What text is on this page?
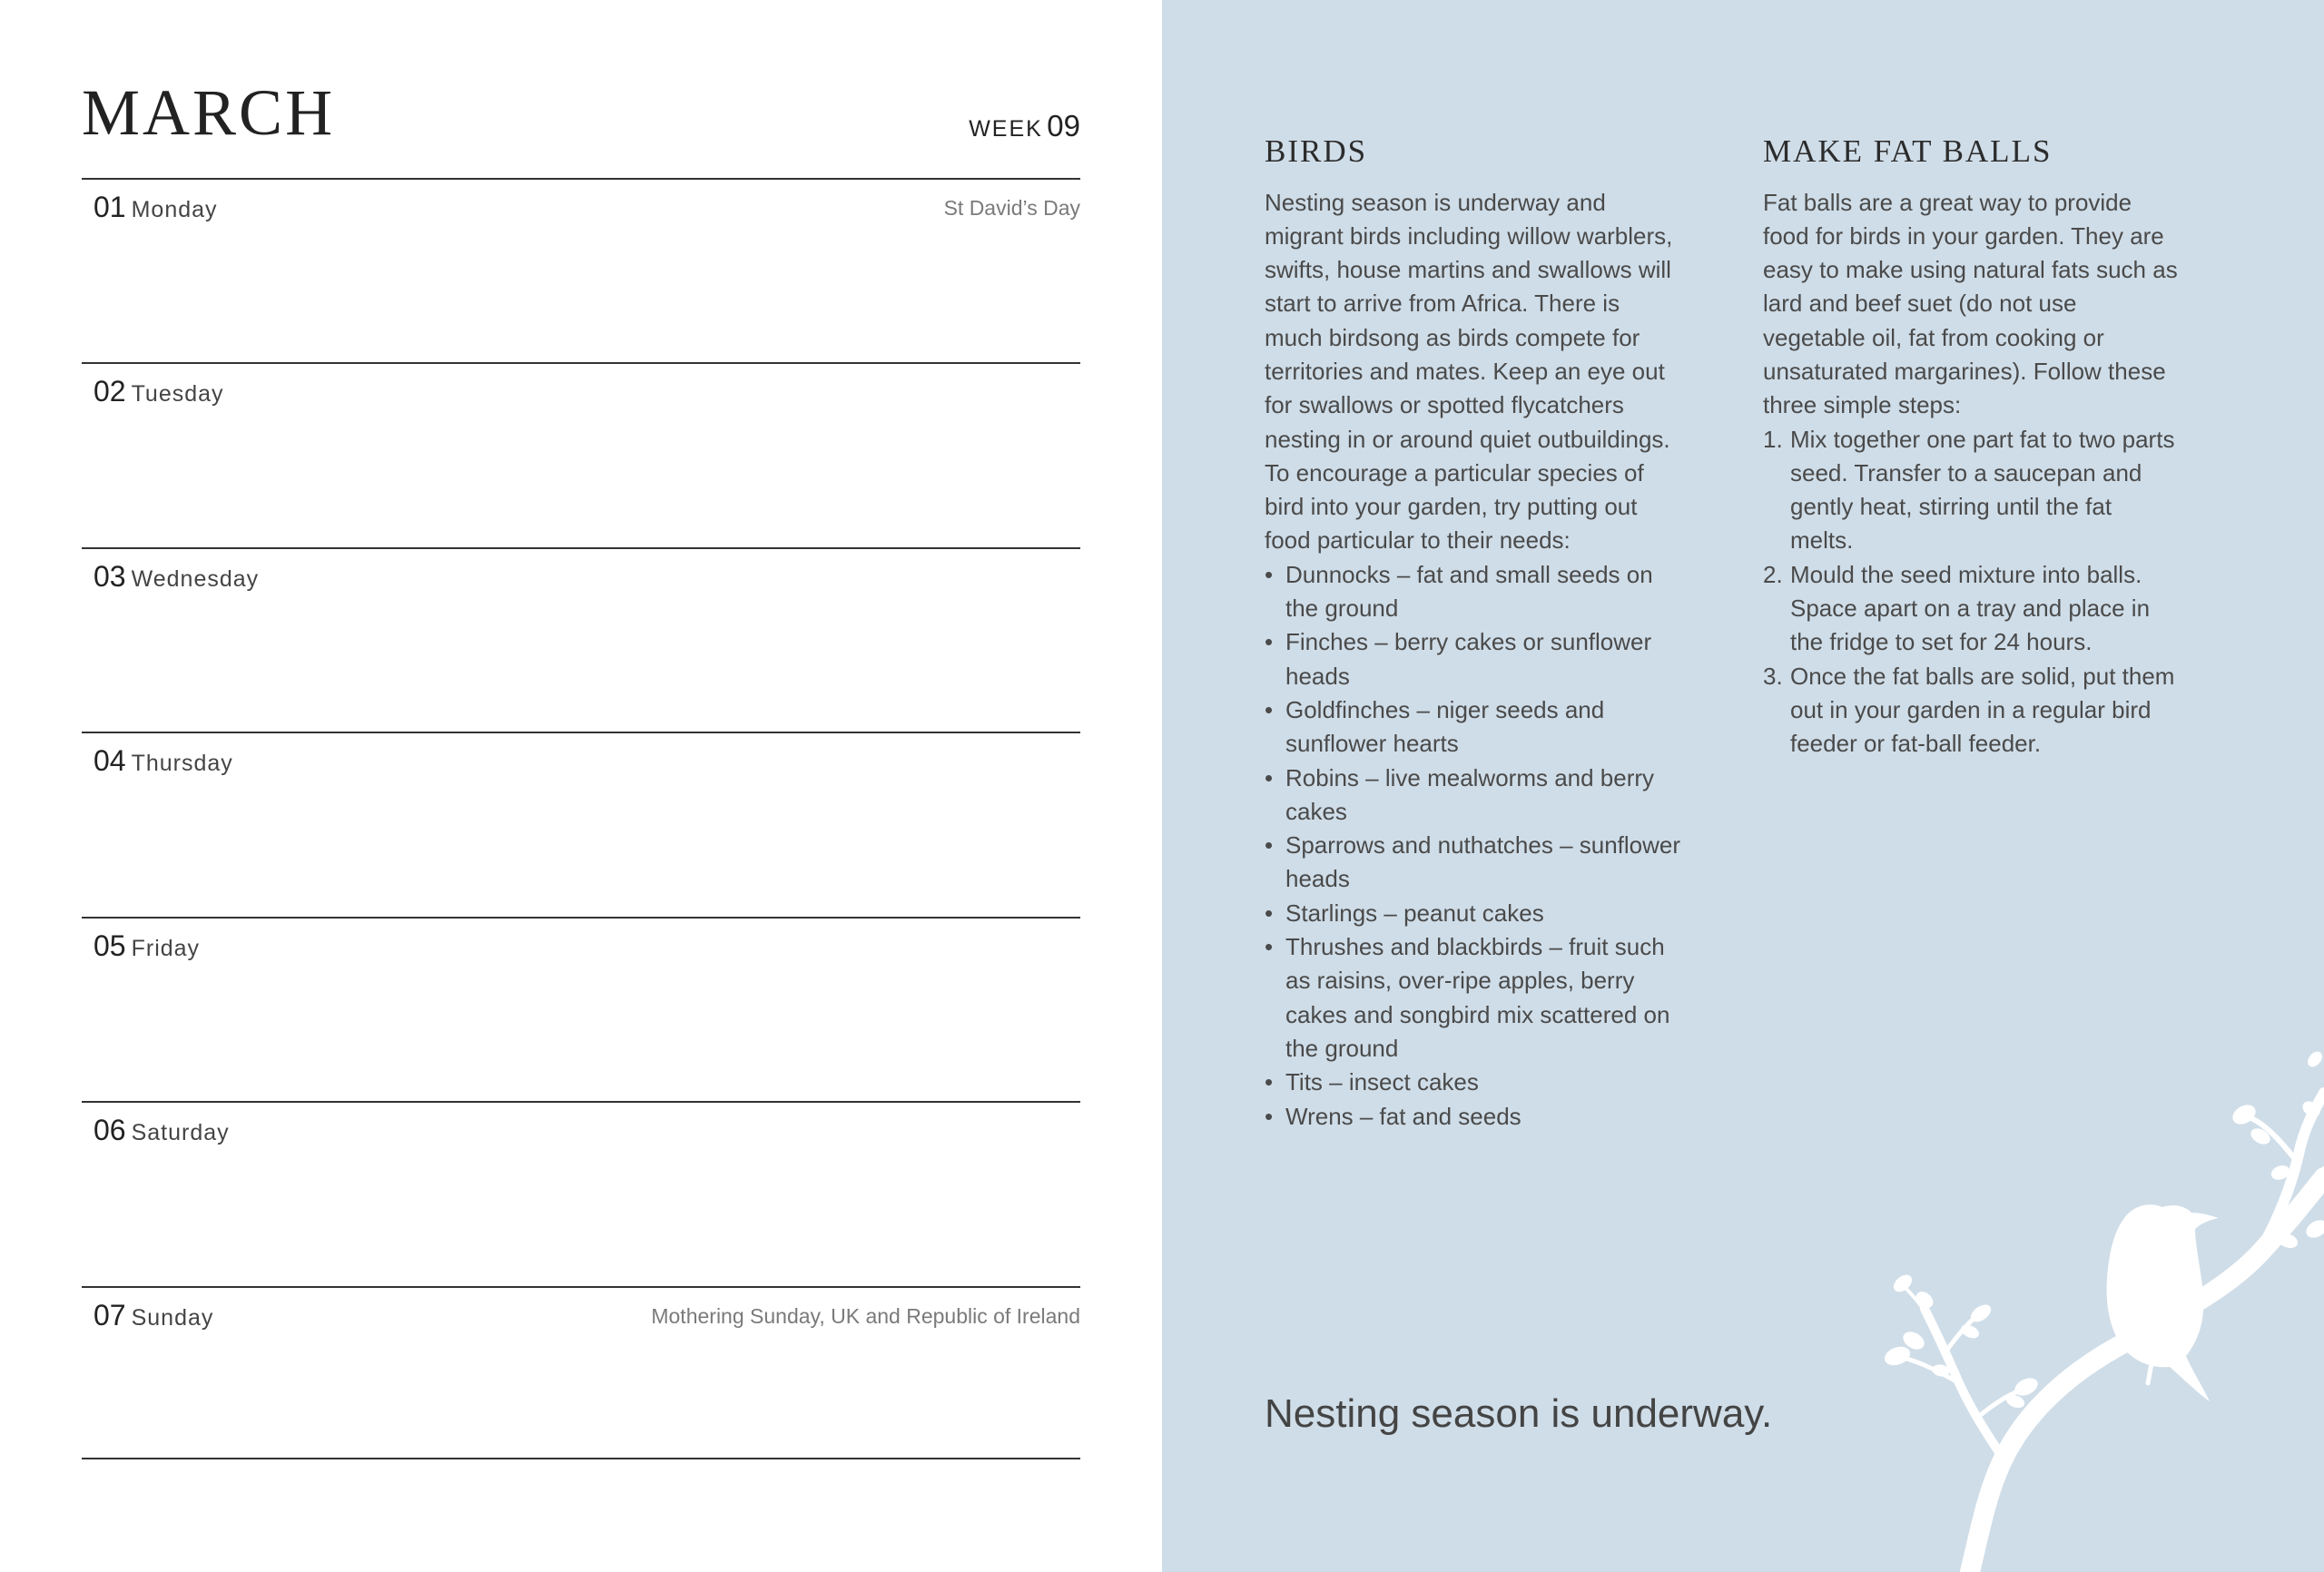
MARCH	WEEK 09
01 Monday	St David’s Day
02 Tuesday
03 Wednesday
04 Thursday
05 Friday
06 Saturday
07 Sunday	Mothering Sunday, UK and Republic of Ireland
BIRDS

Nesting season is underway and migrant birds including willow warblers, swifts, house martins and swallows will start to arrive from Africa. There is much birdsong as birds compete for territories and mates. Keep an eye out for swallows or spotted flycatchers nesting in or around quiet outbuildings. To encourage a particular species of bird into your garden, try putting out food particular to their needs:

• Dunnocks – fat and small seeds on the ground
• Finches – berry cakes or sunflower heads
• Goldfinches – niger seeds and sunflower hearts
• Robins – live mealworms and berry cakes
• Sparrows and nuthatches – sunflower heads
• Starlings – peanut cakes
• Thrushes and blackbirds – fruit such as raisins, over-ripe apples, berry cakes and songbird mix scattered on the ground
• Tits – insect cakes
• Wrens – fat and seeds
MAKE FAT BALLS

Fat balls are a great way to provide food for birds in your garden. They are easy to make using natural fats such as lard and beef suet (do not use vegetable oil, fat from cooking or unsaturated margarines). Follow these three simple steps:

1. Mix together one part fat to two parts seed. Transfer to a saucepan and gently heat, stirring until the fat melts.
2. Mould the seed mixture into balls. Space apart on a tray and place in the fridge to set for 24 hours.
3. Once the fat balls are solid, put them out in your garden in a regular bird feeder or fat-ball feeder.
Nesting season is underway.
